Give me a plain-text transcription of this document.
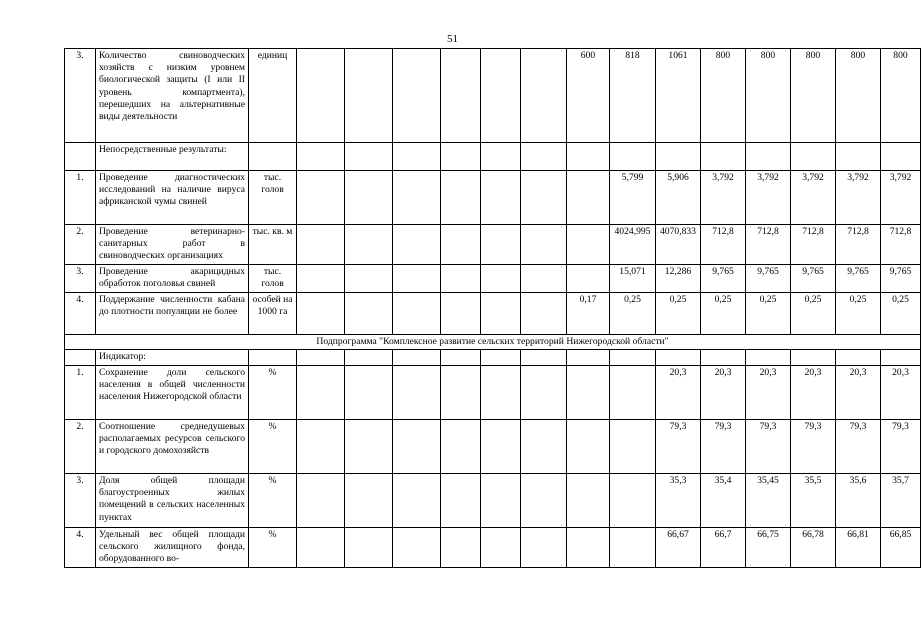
51
3.	Количество свиноводческих хозяйств с низким уровнем биологической защиты (I или II уровень компартмента), перешедших на альтернативные виды деятельности	единиц							600	818	1061	800	800	800	800	800
	Непосредственные результаты:															
1.	Проведение диагностических исследований на наличие вируса африканской чумы свиней	тыс. голов								5,799	5,906	3,792	3,792	3,792	3,792	3,792
2.	Проведение ветеринарно-санитарных работ в свиноводческих организациях	тыс. кв. м								4024,995	4070,833	712,8	712,8	712,8	712,8	712,8
3.	Проведение акарицидных обработок поголовья свиней	тыс. голов								15,071	12,286	9,765	9,765	9,765	9,765	9,765
4.	Поддержание численности кабана до плотности популяции не более	особей на 1000 га							0,17	0,25	0,25	0,25	0,25	0,25	0,25	0,25
Подпрограмма "Комплексное развитие сельских территорий Нижегородской области"																
	Индикатор:															
1.	Сохранение доли сельского населения в общей численности населения Нижегородской области	%									20,3	20,3	20,3	20,3	20,3	20,3
2.	Соотношение среднедушевых располагаемых ресурсов сельского и городского домохозяйств	%									79,3	79,3	79,3	79,3	79,3	79,3
3.	Доля общей площади благоустроенных жилых помещений в сельских населенных пунктах	%									35,3	35,4	35,45	35,5	35,6	35,7
4.	Удельный вес общей площади сельского жилищного фонда, оборудованного во-	%									66,67	66,7	66,75	66,78	66,81	66,85
